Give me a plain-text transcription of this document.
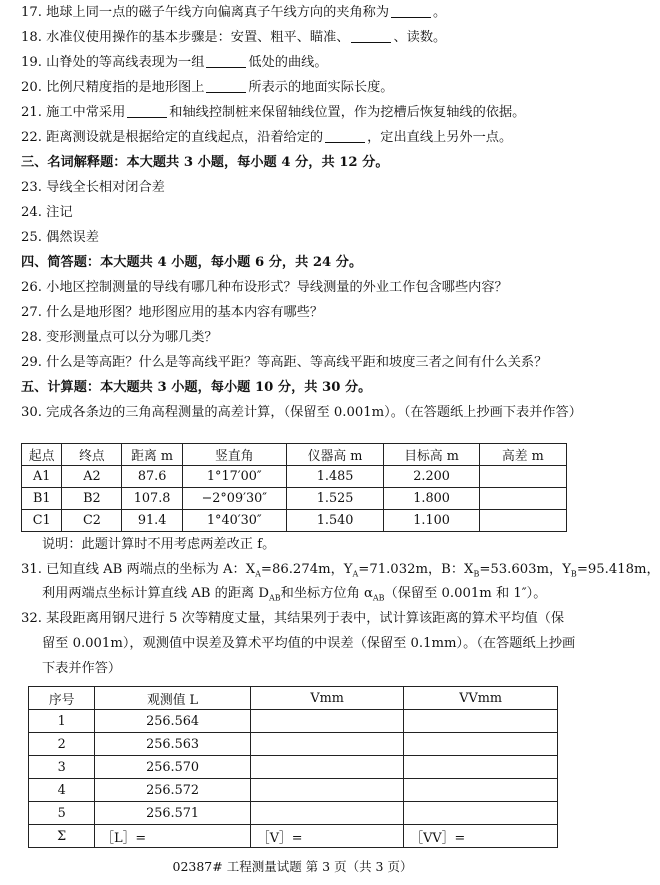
17. 地球上同一点的磁子午线方向偏离真子午线方向的夹角称为	。
18. 水准仪使用操作的基本步骤是：安置、粗平、瞄准、	、读数。
19. 山脊处的等高线表现为一组	低处的曲线。
20. 比例尺精度指的是地形图上	所表示的地面实际长度。
21. 施工中常采用	和轴线控制桩来保留轴线位置，作为挖槽后恢复轴线的依据。
22. 距离测设就是根据给定的直线起点，沿着给定的	，定出直线上另外一点。
三、名词解释题：本大题共 3 小题，每小题 4 分，共 12 分。
23. 导线全长相对闭合差
24. 注记
25. 偶然误差
四、简答题：本大题共 4 小题，每小题 6 分，共 24 分。
26. 小地区控制测量的导线有哪几种布设形式？导线测量的外业工作包含哪些内容？
27. 什么是地形图？地形图应用的基本内容有哪些？
28. 变形测量点可以分为哪几类？
29. 什么是等高距？什么是等高线平距？等高距、等高线平距和坡度三者之间有什么关系？
五、计算题：本大题共 3 小题，每小题 10 分，共 30 分。
30. 完成各条边的三角高程测量的高差计算，（保留至 0.001m）。（在答题纸上抄画下表并作答）
起点	终点	距离 m	竖直角	仪器高 m	目标高 m	高差 m
A1	A2	87.6	1°17′00″	1.485	2.200	
B1	B2	107.8	−2°09′30″	1.525	1.800	
C1	C2	91.4	1°40′30″	1.540	1.100	
说明：此题计算时不用考虑两差改正 f。
31. 已知直线 AB 两端点的坐标为 A：$X_A=86.274m$，$Y_A=71.032m$，B：$X_B=53.603m$，$Y_B=95.418m$，
利用两端点坐标计算直线 AB 的距离 $D_{AB}$和坐标方位角 $\alpha_{AB}$（保留至 0.001m 和 1″）。
32. 某段距离用钢尺进行 5 次等精度丈量，其结果列于表中，试计算该距离的算术平均值（保
留至 0.001m），观测值中误差及算术平均值的中误差（保留至 0.1mm）。（在答题纸上抄画
下表并作答）
序号	观测值 L	Vmm	VVmm
1	256.564		
2	256.563		
3	256.570		
4	256.572		
5	256.571		
Σ	［L］=	［V］=	［VV］=
02387# 工程测量试题 第 3 页（共 3 页）
